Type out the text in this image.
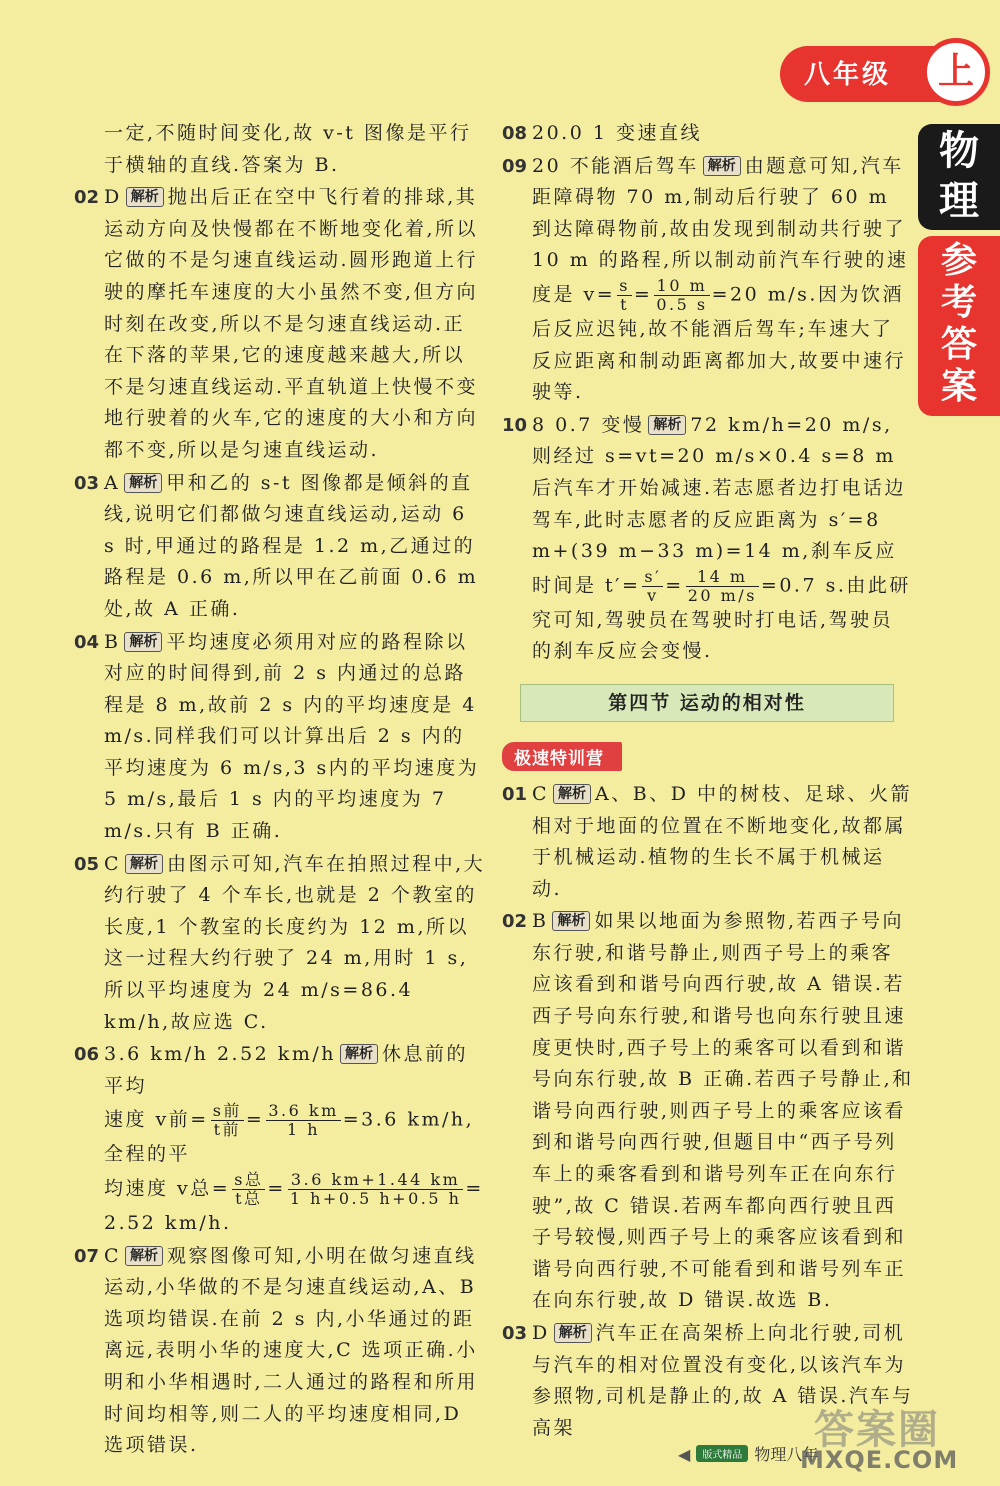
一定,不随时间变化,故 v-t 图像是平行于横轴的直线.答案为 B.
02 D 解析 抛出后正在空中飞行着的排球,其运动方向及快慢都在不断地变化着,所以它做的不是匀速直线运动.圆形跑道上行驶的摩托车速度的大小虽然不变,但方向时刻在改变,所以不是匀速直线运动.正在下落的苹果,它的速度越来越大,所以不是匀速直线运动.平直轨道上快慢不变地行驶着的火车,它的速度的大小和方向都不变,所以是匀速直线运动.
03 A 解析 甲和乙的 s-t 图像都是倾斜的直线,说明它们都做匀速直线运动,运动 6 s 时,甲通过的路程是 1.2 m,乙通过的路程是 0.6 m,所以甲在乙前面 0.6 m 处,故 A 正确.
04 B 解析 平均速度必须用对应的路程除以对应的时间得到,前 2 s 内通过的总路程是 8 m,故前 2 s 内的平均速度是 4 m/s.同样我们可以计算出后 2 s 内的平均速度为 6 m/s,3 s内的平均速度为 5 m/s,最后 1 s 内的平均速度为 7 m/s.只有 B 正确.
05 C 解析 由图示可知,汽车在拍照过程中,大约行驶了 4 个车长,也就是 2 个教室的长度,1 个教室的长度约为 12 m,所以这一过程大约行驶了 24 m,用时 1 s,所以平均速度为 24 m/s=86.4 km/h,故应选 C.
06 3.6 km/h 2.52 km/h 解析 休息前的平均
速度 v前= $\frac{\text{s前}}{\text{t前}} = \frac{3.6 km}{1 h} =3.6$ km/h,全程的平
均速度 v总= $\frac{\text{s总}}{\text{t总}} = \frac{3.6 km+1.44 km}{1 h+0.5 h+0.5 h}$ =
2.52 km/h.
07 C 解析 观察图像可知,小明在做匀速直线运动,小华做的不是匀速直线运动,A、B 选项均错误.在前 2 s 内,小华通过的距离远,表明小华的速度大,C 选项正确.小明和小华相遇时,二人通过的路程和所用时间均相等,则二人的平均速度相同,D 选项错误.
08 20.0 1 变速直线
09 20 不能酒后驾车 解析 由题意可知,汽车距障碍物 70 m,制动后行驶了 60 m 到达障碍物前,故由发现到制动共行驶了 10 m 的路程,所以制动前汽车行驶的速度是 $v= \frac{s}{t} = \frac{10 m}{0.5 s} =20$ m/s.因为饮酒后反应迟钝,故不能酒后驾车;车速大了反应距离和制动距离都加大,故要中速行驶等.
10 8 0.7 变慢 解析 72 km/h=20 m/s,则经过 s=vt=20 m/s×0.4 s=8 m 后汽车才开始减速.若志愿者边打电话边驾车,此时志愿者的反应距离为 s′=8 m+(39 m−33 m)=14 m,刹车反应时间是 $t'= \frac{s'}{v} = \frac{14 m}{20 m/s} =0.7$ s.由此研究可知,驾驶员在驾驶时打电话,驾驶员的刹车反应会变慢.
第四节 运动的相对性
极速特训营
01 C 解析 A、B、D 中的树枝、足球、火箭相对于地面的位置在不断地变化,故都属于机械运动.植物的生长不属于机械运动.
02 B 解析 如果以地面为参照物,若西子号向东行驶,和谐号静止,则西子号上的乘客应该看到和谐号向西行驶,故 A 错误.若西子号向东行驶,和谐号也向东行驶且速度更快时,西子号上的乘客可以看到和谐号向东行驶,故 B 正确.若西子号静止,和谐号向西行驶,则西子号上的乘客应该看到和谐号向西行驶,但题目中“西子号列车上的乘客看到和谐号列车正在向东行驶”,故 C 错误.若两车都向西行驶且西子号较慢,则西子号上的乘客应该看到和谐号向西行驶,不可能看到和谐号列车正在向东行驶,故 D 错误.故选 B.
03 D 解析 汽车正在高架桥上向北行驶,司机与汽车的相对位置没有变化,以该汽车为参照物,司机是静止的,故 A 错误.汽车与高架
八年级	上
物理
参考答案
◀ 版式精品 物理八年
答案圈
MXQE.COM
